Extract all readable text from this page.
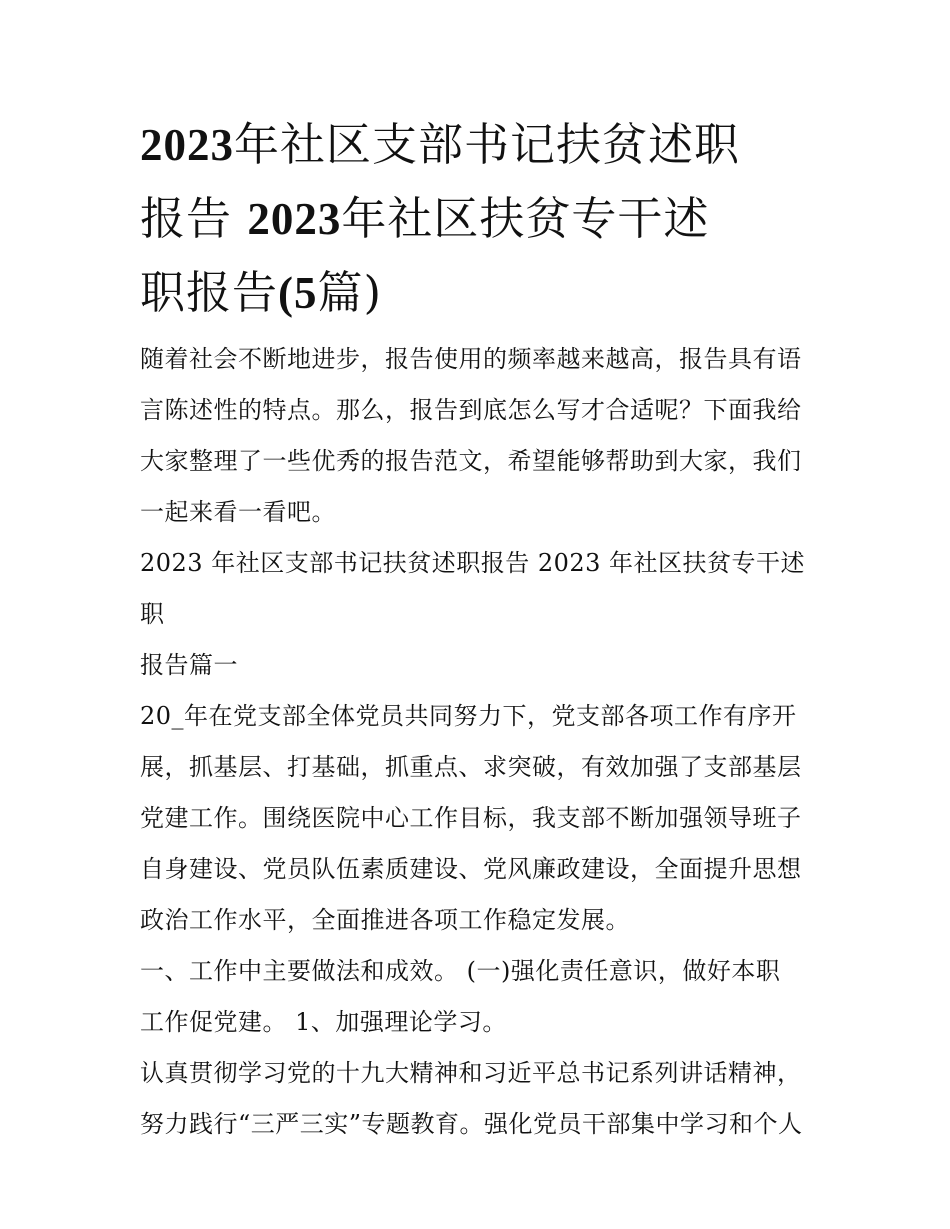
2023年社区支部书记扶贫述职
报告 2023年社区扶贫专干述
职报告(5篇)

随着社会不断地进步，报告使用的频率越来越高，报告具有语

言陈述性的特点。那么，报告到底怎么写才合适呢？下面我给

大家整理了一些优秀的报告范文，希望能够帮助到大家，我们

一起来看一看吧。

2023 年社区支部书记扶贫述职报告 2023 年社区扶贫专干述职

报告篇一

20_年在党支部全体党员共同努力下，党支部各项工作有序开

展，抓基层、打基础，抓重点、求突破，有效加强了支部基层

党建工作。围绕医院中心工作目标，我支部不断加强领导班子

自身建设、党员队伍素质建设、党风廉政建设，全面提升思想

政治工作水平，全面推进各项工作稳定发展。

一、工作中主要做法和成效。 (一)强化责任意识，做好本职

工作促党建。 1、加强理论学习。

认真贯彻学习党的十九大精神和习近平总书记系列讲话精神，

努力践行“三严三实”专题教育。强化党员干部集中学习和个人
